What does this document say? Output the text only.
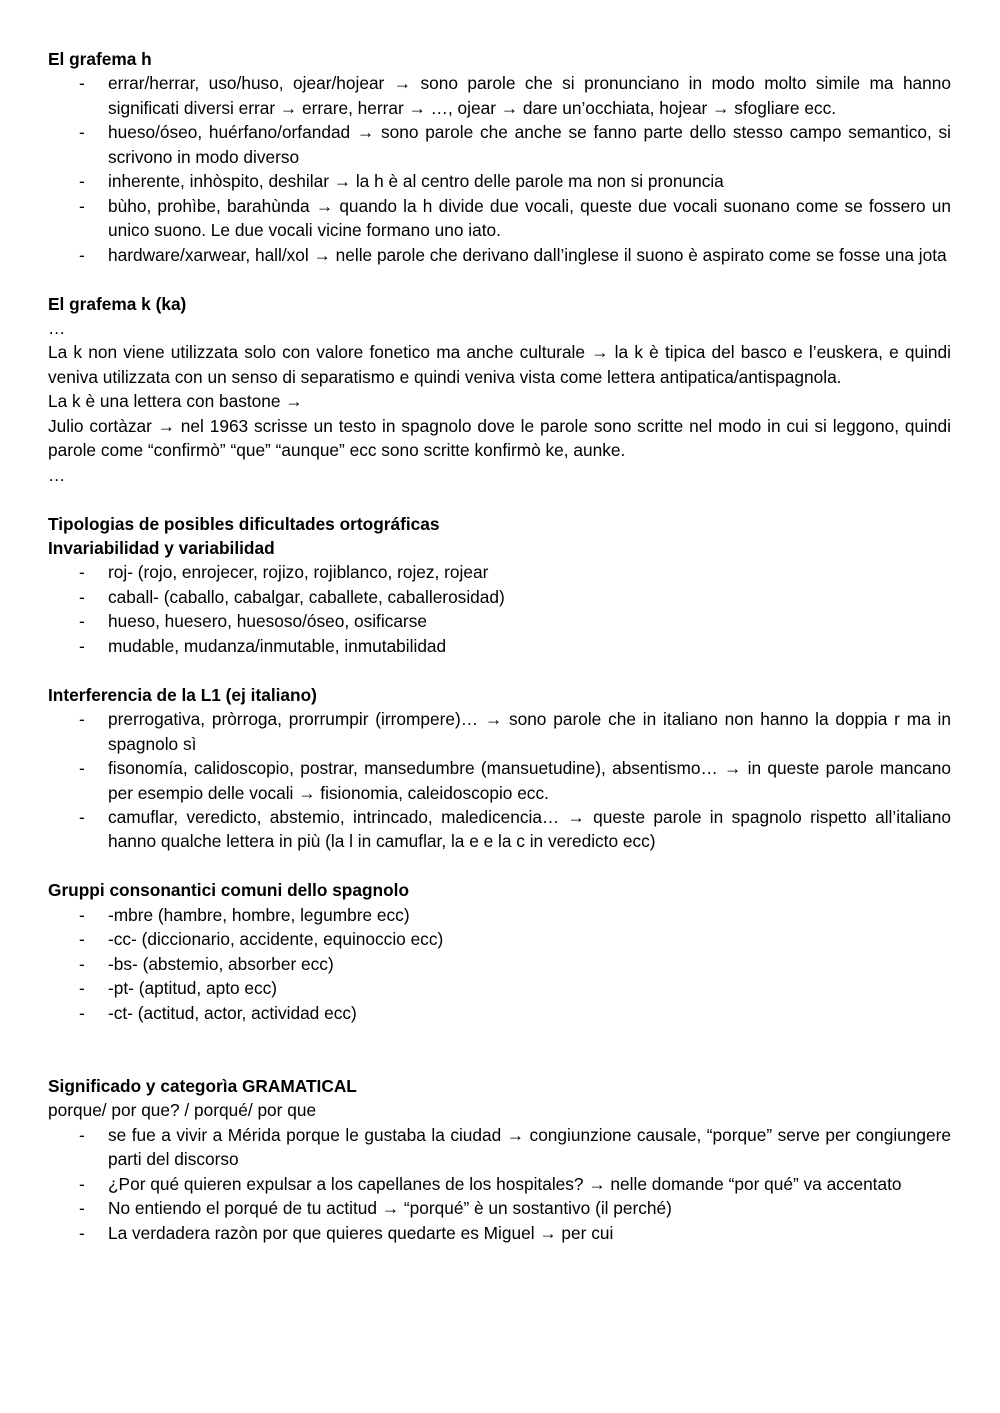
El grafema h
- errar/herrar, uso/huso, ojear/hojear → sono parole che si pronunciano in modo molto simile ma hanno significati diversi errar → errare, herrar → …, ojear → dare un’occhiata, hojear → sfogliare ecc.
- hueso/óseo, huérfano/orfandad → sono parole che anche se fanno parte dello stesso campo semantico, si scrivono in modo diverso
- inherente, inhòspito, deshilar → la h è al centro delle parole ma non si pronuncia
- bùho, prohìbe, barahùnda → quando la h divide due vocali, queste due vocali suonano come se fossero un unico suono. Le due vocali vicine formano uno iato.
- hardware/xarwear, hall/xol → nelle parole che derivano dall’inglese il suono è aspirato come se fosse una jota
El grafema k (ka)
…
La k non viene utilizzata solo con valore fonetico ma anche culturale → la k è tipica del basco e l’euskera, e quindi veniva utilizzata con un senso di separatismo e quindi veniva vista come lettera antipatica/antispagnola.
La k è una lettera con bastone →
Julio cortàzar → nel 1963 scrisse un testo in spagnolo dove le parole sono scritte nel modo in cui si leggono, quindi parole come “confirmò” “que” “aunque” ecc sono scritte konfirmò ke, aunke.
…
Tipologias de posibles dificultades ortográficas
Invariabilidad y variabilidad
- roj- (rojo, enrojecer, rojizo, rojiblanco, rojez, rojear
- caball- (caballo, cabalgar, caballete, caballerosidad)
- hueso, huesero, huesoso/óseo, osificarse
- mudable, mudanza/inmutable, inmutabilidad
Interferencia de la L1 (ej italiano)
- prerrogativa, pròrroga, prorrumpir (irrompere)… → sono parole che in italiano non hanno la doppia r ma in spagnolo sì
- fisonomía, calidoscopio, postrar, mansedumbre (mansuetudine), absentismo… → in queste parole mancano per esempio delle vocali → fisionomia, caleidoscopio ecc.
- camuflar, veredicto, abstemio, intrincado, maledicencia… → queste parole in spagnolo rispetto all’italiano hanno qualche lettera in più (la l in camuflar, la e e la c in veredicto ecc)
Gruppi consonantici comuni dello spagnolo
- -mbre (hambre, hombre, legumbre ecc)
- -cc- (diccionario, accidente, equinoccio ecc)
- -bs- (abstemio, absorber ecc)
- -pt- (aptitud, apto ecc)
- -ct- (actitud, actor, actividad ecc)
Significado y categorìa GRAMATICAL
porque/ por que? / porqué/ por que
- se fue a vivir a Mérida porque le gustaba la ciudad → congiunzione causale, “porque” serve per congiungere parti del discorso
- ¿Por qué quieren expulsar a los capellanes de los hospitales? → nelle domande “por qué” va accentato
- No entiendo el porqué de tu actitud → “porqué” è un sostantivo (il perché)
- La verdadera razòn por que quieres quedarte es Miguel → per cui
